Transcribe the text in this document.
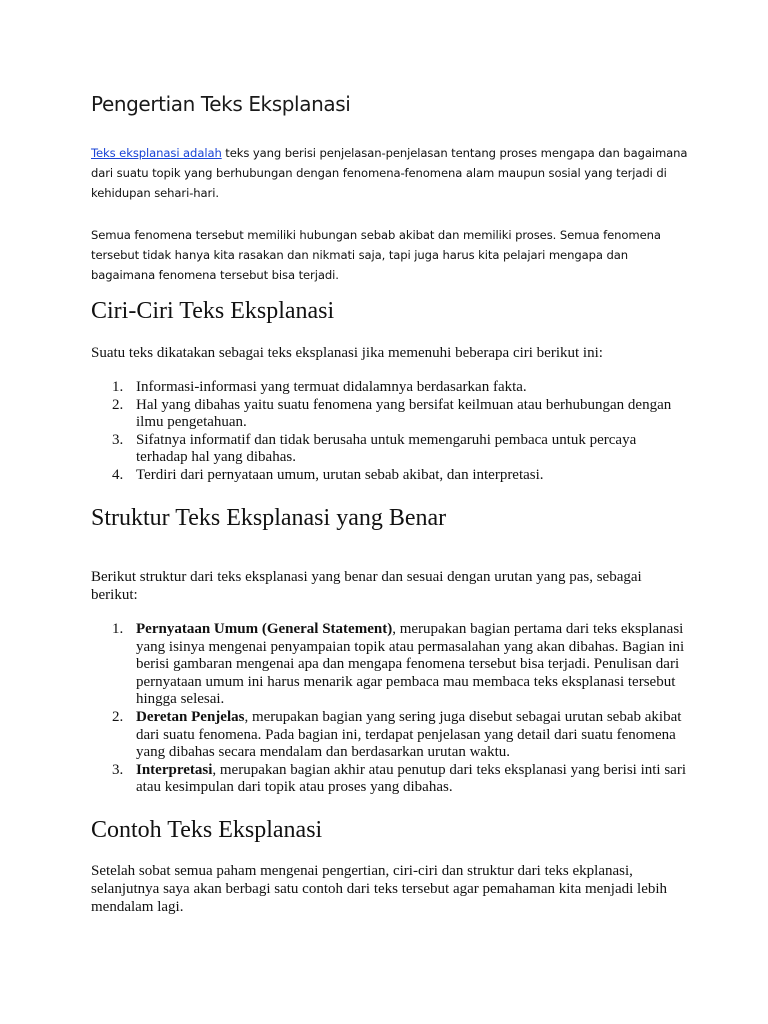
Pengertian Teks Eksplanasi

Teks eksplanasi adalah teks yang berisi penjelasan-penjelasan tentang proses mengapa dan bagaimana dari suatu topik yang berhubungan dengan fenomena-fenomena alam maupun sosial yang terjadi di kehidupan sehari-hari.

Semua fenomena tersebut memiliki hubungan sebab akibat dan memiliki proses. Semua fenomena tersebut tidak hanya kita rasakan dan nikmati saja, tapi juga harus kita pelajari mengapa dan bagaimana fenomena tersebut bisa terjadi.

Ciri-Ciri Teks Eksplanasi

Suatu teks dikatakan sebagai teks eksplanasi jika memenuhi beberapa ciri berikut ini:

1. Informasi-informasi yang termuat didalamnya berdasarkan fakta.
2. Hal yang dibahas yaitu suatu fenomena yang bersifat keilmuan atau berhubungan dengan ilmu pengetahuan.
3. Sifatnya informatif dan tidak berusaha untuk memengaruhi pembaca untuk percaya terhadap hal yang dibahas.
4. Terdiri dari pernyataan umum, urutan sebab akibat, dan interpretasi.
Struktur Teks Eksplanasi yang Benar

Berikut struktur dari teks eksplanasi yang benar dan sesuai dengan urutan yang pas, sebagai berikut:

1. Pernyataan Umum (General Statement), merupakan bagian pertama dari teks eksplanasi yang isinya mengenai penyampaian topik atau permasalahan yang akan dibahas. Bagian ini berisi gambaran mengenai apa dan mengapa fenomena tersebut bisa terjadi. Penulisan dari pernyataan umum ini harus menarik agar pembaca mau membaca teks eksplanasi tersebut hingga selesai.
2. Deretan Penjelas, merupakan bagian yang sering juga disebut sebagai urutan sebab akibat dari suatu fenomena. Pada bagian ini, terdapat penjelasan yang detail dari suatu fenomena yang dibahas secara mendalam dan berdasarkan urutan waktu.
3. Interpretasi, merupakan bagian akhir atau penutup dari teks eksplanasi yang berisi inti sari atau kesimpulan dari topik atau proses yang dibahas.
Contoh Teks Eksplanasi

Setelah sobat semua paham mengenai pengertian, ciri-ciri dan struktur dari teks ekplanasi, selanjutnya saya akan berbagi satu contoh dari teks tersebut agar pemahaman kita menjadi lebih mendalam lagi.
